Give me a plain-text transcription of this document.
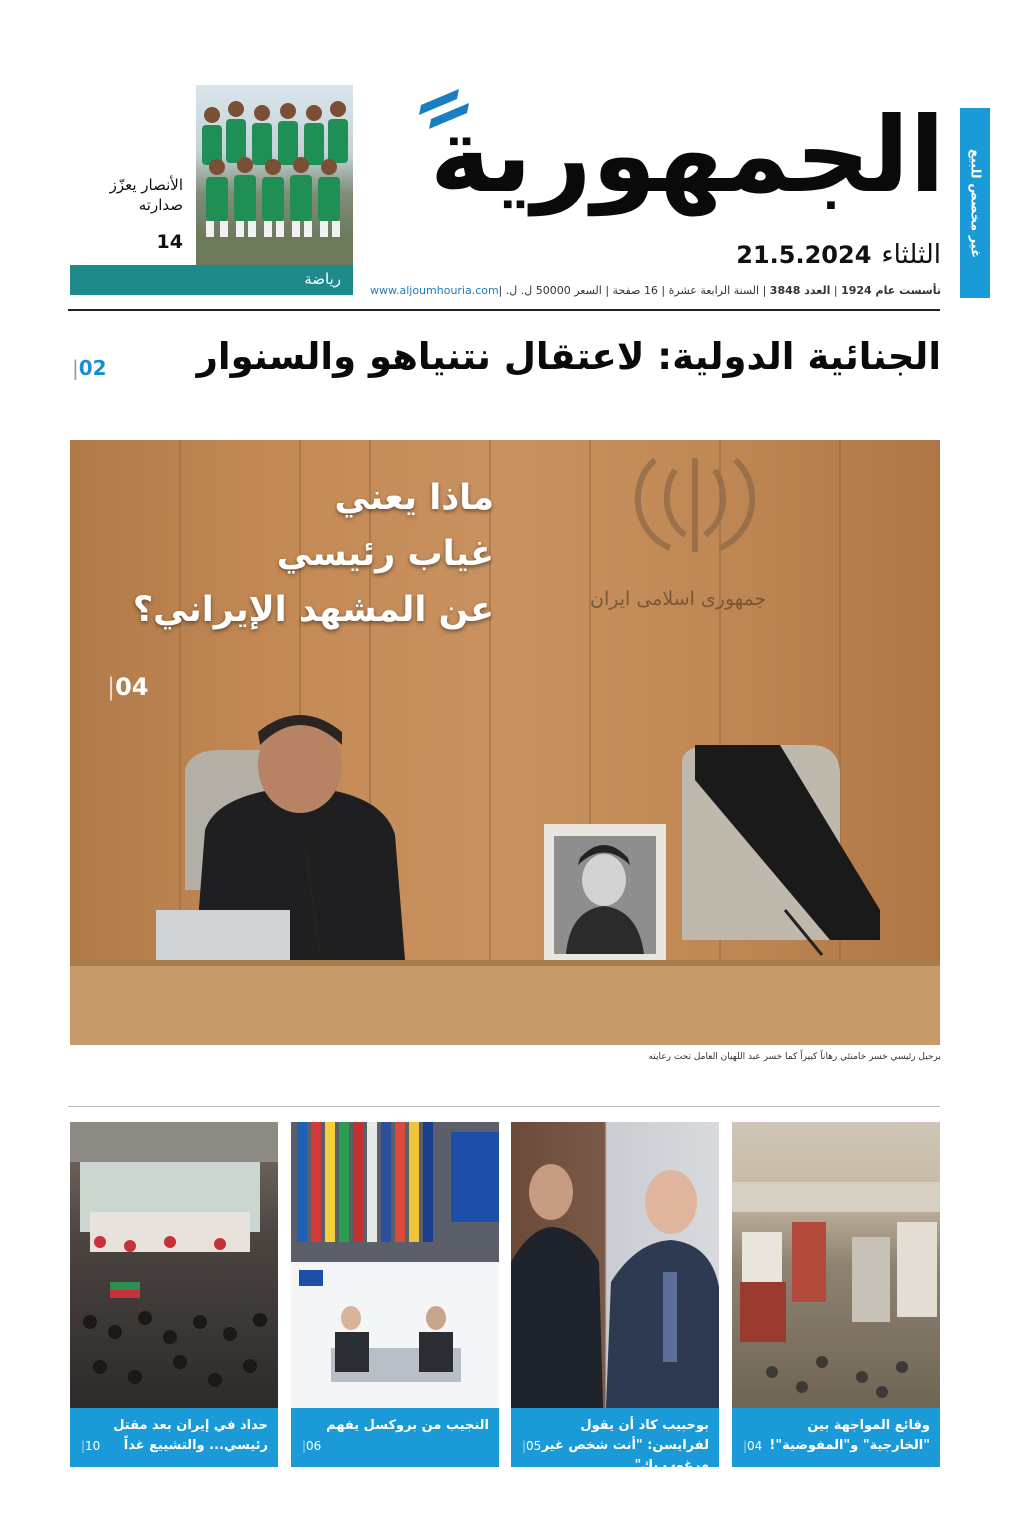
غير مخصص للبيع
الجمهورية
الثلثاء
21.5.2024
تأسست عام 1924 | العدد 3848 | السنة الرابعة عشرة | 16 صفحة | السعر 50000 ل. ل. |
www.aljoumhouria.com
الأنصار يعزّز صدارته
14
رياضة
الجنائية الدولية: لاعتقال نتنياهو والسنوار
02|
ماذا يعني
غياب رئيسي
عن المشهد الإيراني؟
04|
جمهوری اسلامی ایران
برحيل رئيسي خسر خامنئي رهاناً كبيراً كما خسر عبد اللهيان العامل تحت رعايته
وقائع المواجهة بين "الخارجية" و"المفوضية"!
04|
بوحبيب كاد أن يقول لفرايسن: "أنت شخص غير مرغوب بك"
05|
النجيب من بروكسل يفهم
06|
حداد في إيران بعد مقتل رئيسي... والتشييع غداً
10|
